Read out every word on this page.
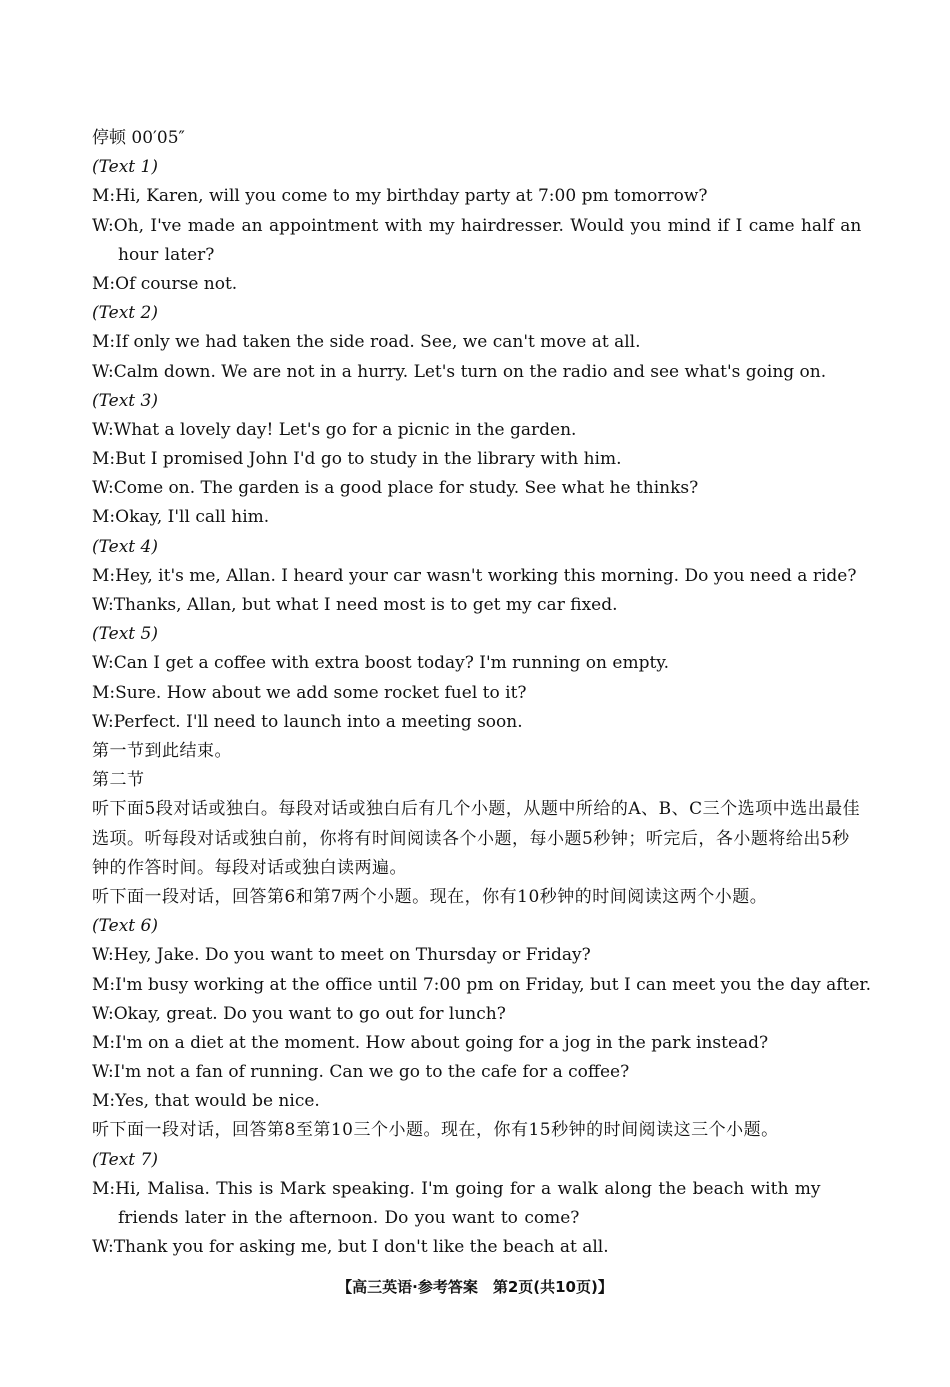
停顿 00′05″
(Text 1)
M:Hi, Karen, will you come to my birthday party at 7:00 pm tomorrow?
W:Oh, I've made an appointment with my hairdresser. Would you mind if I came half an hour later?
M:Of course not.
(Text 2)
M:If only we had taken the side road. See, we can't move at all.
W:Calm down. We are not in a hurry. Let's turn on the radio and see what's going on.
(Text 3)
W:What a lovely day! Let's go for a picnic in the garden.
M:But I promised John I'd go to study in the library with him.
W:Come on. The garden is a good place for study. See what he thinks?
M:Okay, I'll call him.
(Text 4)
M:Hey, it's me, Allan. I heard your car wasn't working this morning. Do you need a ride?
W:Thanks, Allan, but what I need most is to get my car fixed.
(Text 5)
W:Can I get a coffee with extra boost today? I'm running on empty.
M:Sure. How about we add some rocket fuel to it?
W:Perfect. I'll need to launch into a meeting soon.
第一节到此结束。
第二节
听下面5段对话或独白。每段对话或独白后有几个小题，从题中所给的A、B、C三个选项中选出最佳选项。听每段对话或独白前，你将有时间阅读各个小题，每小题5秒钟；听完后，各小题将给出5秒钟的作答时间。每段对话或独白读两遍。
听下面一段对话，回答第6和第7两个小题。现在，你有10秒钟的时间阅读这两个小题。
(Text 6)
W:Hey, Jake. Do you want to meet on Thursday or Friday?
M:I'm busy working at the office until 7:00 pm on Friday, but I can meet you the day after.
W:Okay, great. Do you want to go out for lunch?
M:I'm on a diet at the moment. How about going for a jog in the park instead?
W:I'm not a fan of running. Can we go to the cafe for a coffee?
M:Yes, that would be nice.
听下面一段对话，回答第8至第10三个小题。现在，你有15秒钟的时间阅读这三个小题。
(Text 7)
M:Hi, Malisa. This is Mark speaking. I'm going for a walk along the beach with my friends later in the afternoon. Do you want to come?
W:Thank you for asking me, but I don't like the beach at all.
【高三英语·参考答案　第2页(共10页)】
